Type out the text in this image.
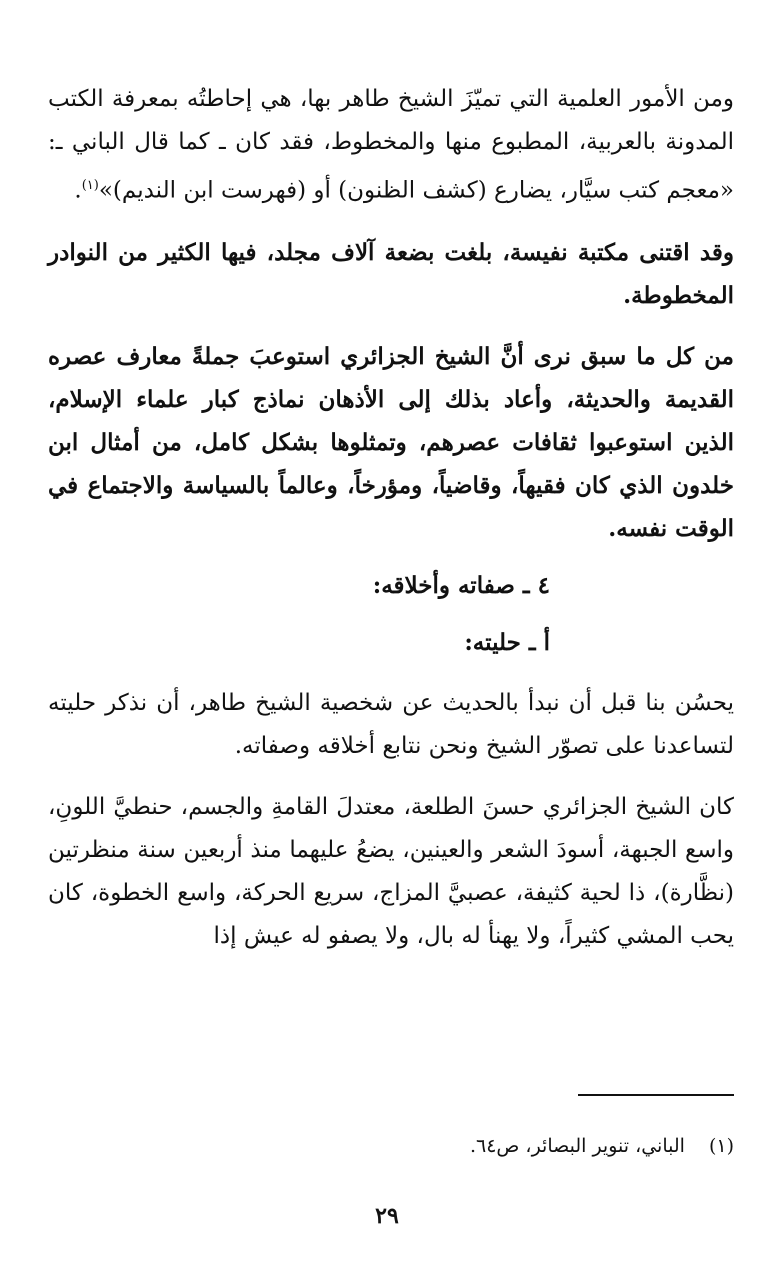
ومن الأمور العلمية التي تميّزَ الشيخ طاهر بها، هي إحاطتُه بمعرفة الكتب المدونة بالعربية، المطبوع منها والمخطوط، فقد كان ـ كما قال الباني ـ: «معجم كتب سيَّار، يضارع (كشف الظنون) أو (فهرست ابن النديم)»$^{(١)}$.

وقد اقتنى مكتبة نفيسة، بلغت بضعة آلاف مجلد، فيها الكثير من النوادر المخطوطة.

من كل ما سبق نرى أنَّ الشيخ الجزائري استوعبَ جملةً معارف عصره القديمة والحديثة، وأعاد بذلك إلى الأذهان نماذج كبار علماء الإسلام، الذين استوعبوا ثقافات عصرهم، وتمثلوها بشكل كامل، من أمثال ابن خلدون الذي كان فقيهاً، وقاضياً، ومؤرخاً، وعالماً بالسياسة والاجتماع في الوقت نفسه.

٤ ـ صفاته وأخلاقه:

أ ـ حليته:

يحسُن بنا قبل أن نبدأ بالحديث عن شخصية الشيخ طاهر، أن نذكر حليته لتساعدنا على تصوّر الشيخ ونحن نتابع أخلاقه وصفاته.

كان الشيخ الجزائري حسنَ الطلعة، معتدلَ القامةِ والجسم، حنطيَّ اللونِ، واسع الجبهة، أسودَ الشعر والعينين، يضعُ عليهما منذ أربعين سنة منظرتين (نظَّارة)، ذا لحية كثيفة، عصبيَّ المزاج، سريع الحركة، واسع الخطوة، كان يحب المشي كثيراً، ولا يهنأ له بال، ولا يصفو له عيش إذا

(١)الباني، تنوير البصائر، ص٦٤.
٢٩
